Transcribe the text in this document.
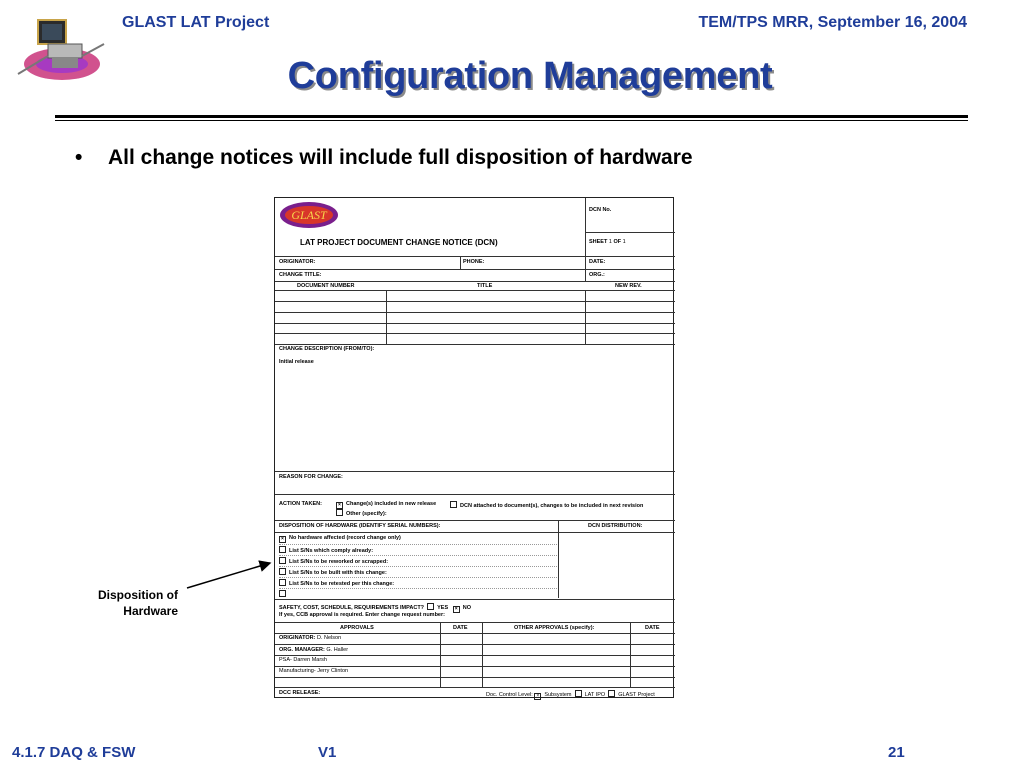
GLAST LAT Project	TEM/TPS MRR, September 16, 2004
Configuration Management
• All change notices will include full disposition of hardware
GLAST
LAT PROJECT DOCUMENT CHANGE NOTICE (DCN)
DCN No.
SHEET 1 OF 1
ORIGINATOR:	PHONE:	DATE:
CHANGE TITLE:	ORG.:
DOCUMENT NUMBER	TITLE	NEW REV.
CHANGE DESCRIPTION (FROM/TO):
Initial release
REASON FOR CHANGE:
ACTION TAKEN:	× Change(s) included in new release	DCN attached to document(s), changes to be included in next revision
Other (specify):
DISPOSITION OF HARDWARE (IDENTIFY SERIAL NUMBERS):	DCN DISTRIBUTION:
× No hardware affected (record change only)
List S/Ns which comply already:
List S/Ns to be reworked or scrapped:
List S/Ns to be built with this change:
List S/Ns to be retested per this change:
SAFETY, COST, SCHEDULE, REQUIREMENTS IMPACT? YES × NO
If yes, CCB approval is required. Enter change request number:
APPROVALS	DATE	OTHER APPROVALS (specify):	DATE
ORIGINATOR: D. Nelson
ORG. MANAGER: G. Haller
PSA- Darren Marsh
Manufacturing- Jerry Clinton
DCC RELEASE:	Doc. Control Level: × Subsystem LAT IPO GLAST Project
Disposition of
Hardware
4.1.7 DAQ & FSW	V1	21
